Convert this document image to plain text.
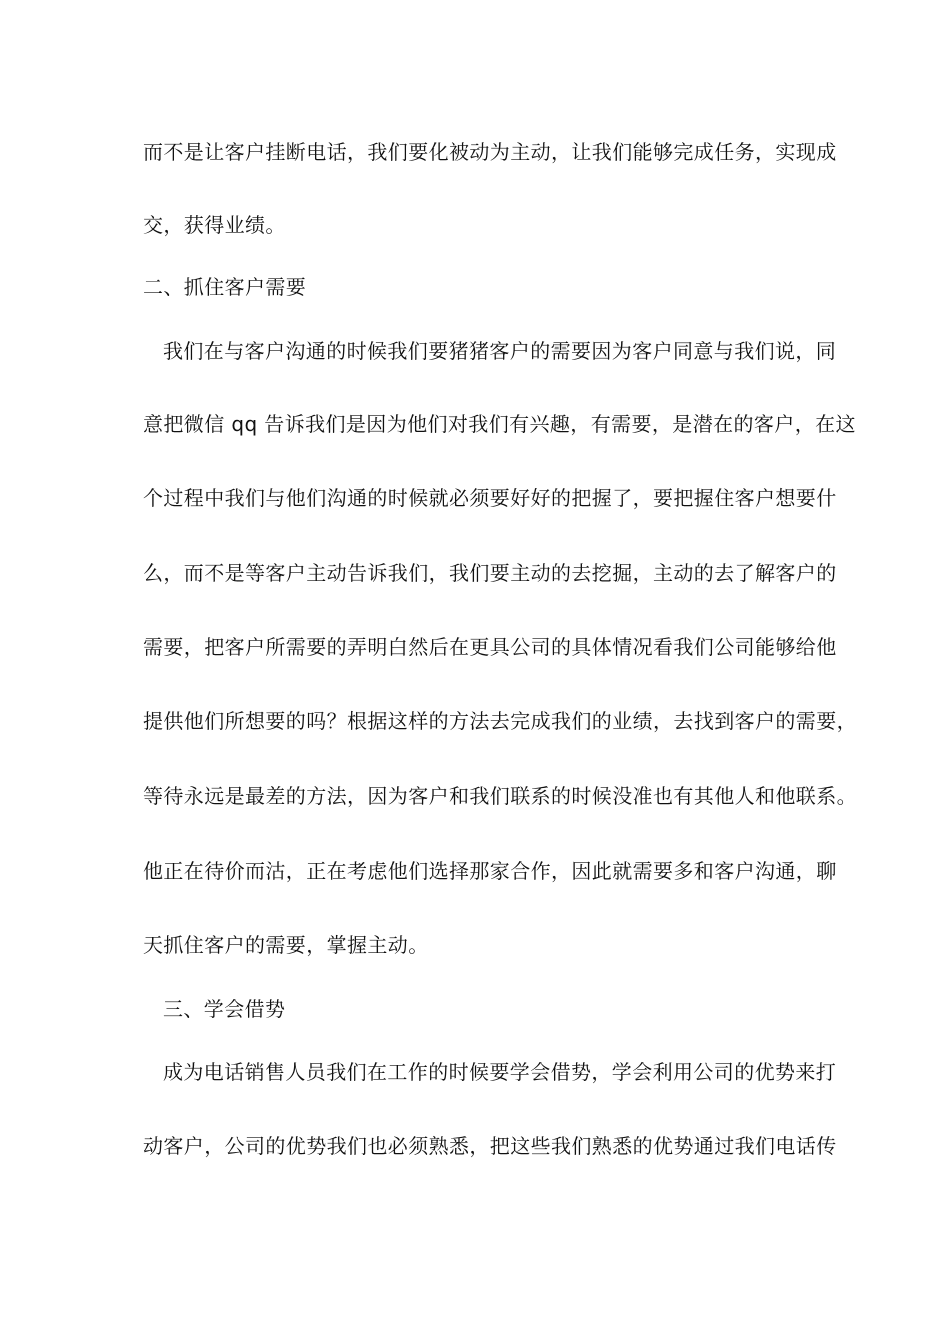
而不是让客户挂断电话，我们要化被动为主动，让我们能够完成任务，实现成
交，获得业绩。
二、抓住客户需要
我们在与客户沟通的时候我们要猪猪客户的需要因为客户同意与我们说，同
意把微信 qq 告诉我们是因为他们对我们有兴趣，有需要，是潜在的客户，在这
个过程中我们与他们沟通的时候就必须要好好的把握了，要把握住客户想要什
么，而不是等客户主动告诉我们，我们要主动的去挖掘，主动的去了解客户的
需要，把客户所需要的弄明白然后在更具公司的具体情况看我们公司能够给他
提供他们所想要的吗？根据这样的方法去完成我们的业绩，去找到客户的需要，
等待永远是最差的方法，因为客户和我们联系的时候没准也有其他人和他联系。
他正在待价而沽，正在考虑他们选择那家合作，因此就需要多和客户沟通，聊
天抓住客户的需要，掌握主动。
三、学会借势
成为电话销售人员我们在工作的时候要学会借势，学会利用公司的优势来打
动客户，公司的优势我们也必须熟悉，把这些我们熟悉的优势通过我们电话传
